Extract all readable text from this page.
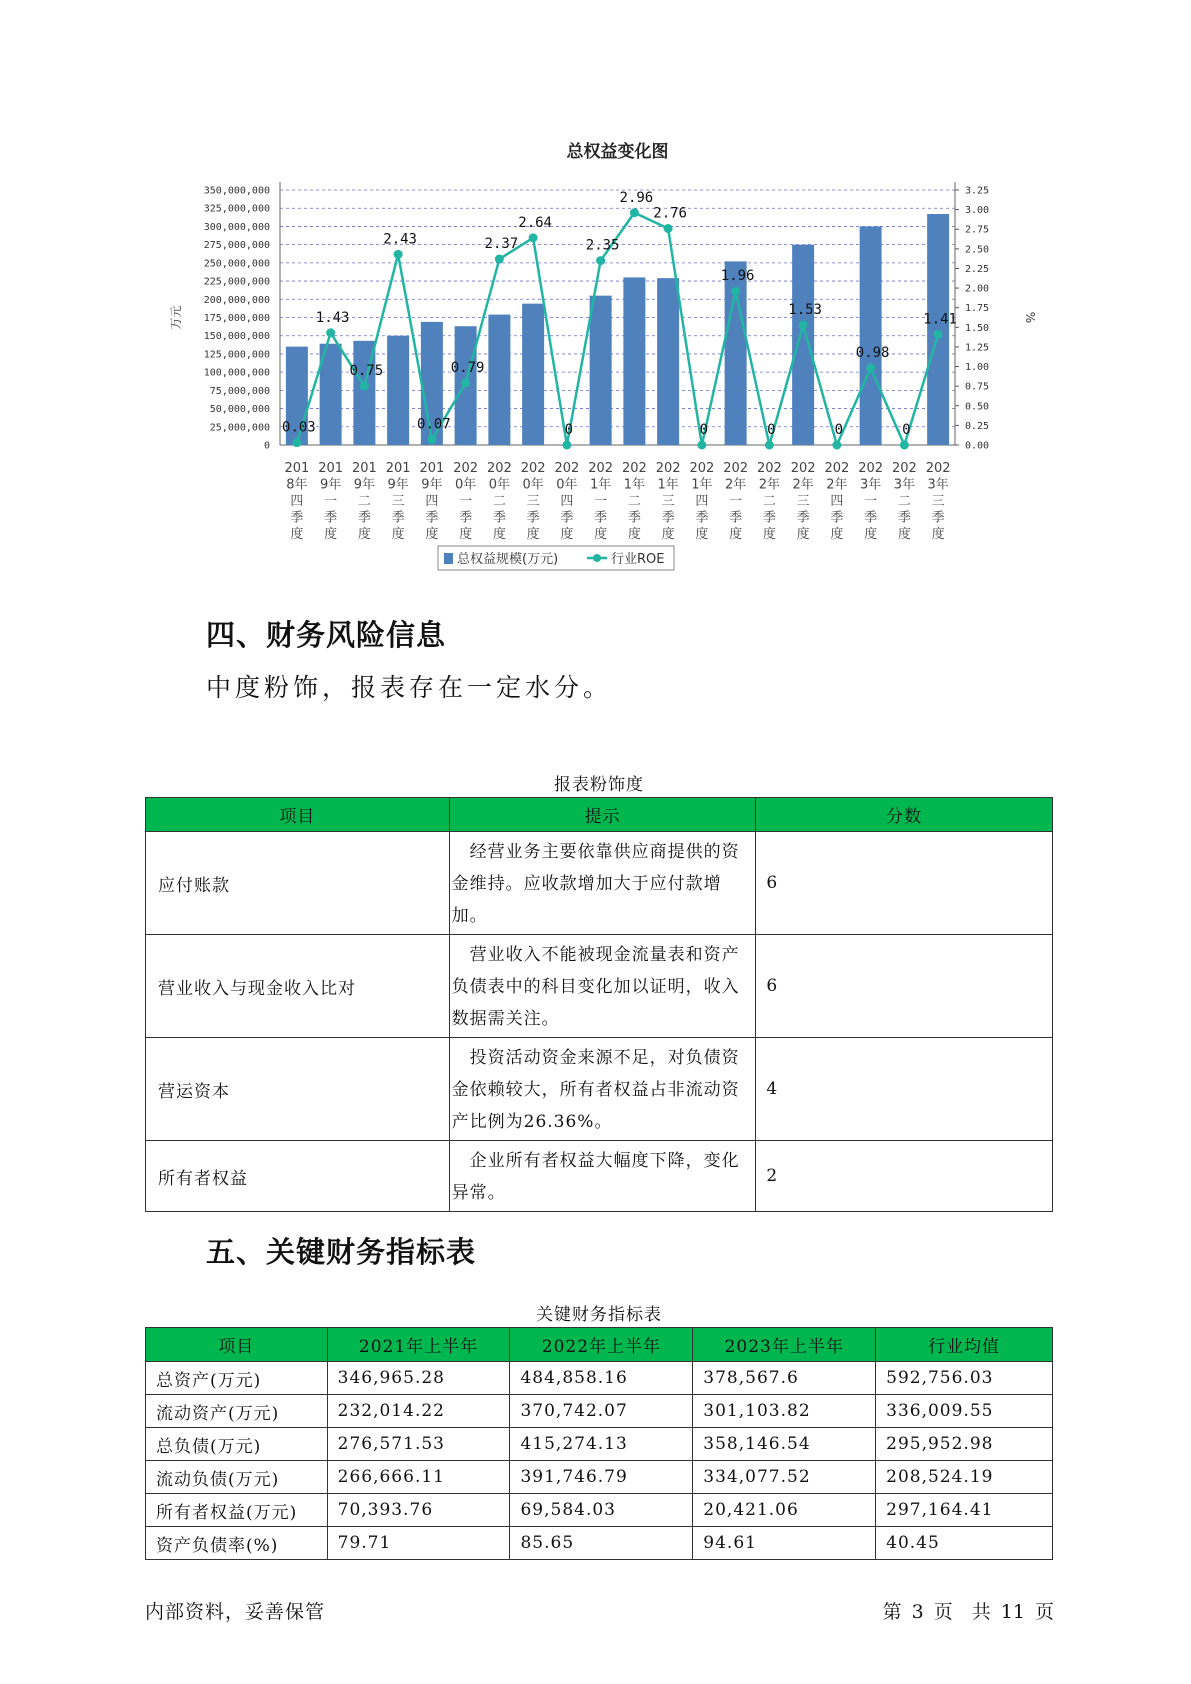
总权益变化图
350,000,000
325,000,000
300,000,000
275,000,000
250,000,000
225,000,000
200,000,000
175,000,000
150,000,000
125,000,000
100,000,000
75,000,000
50,000,000
25,000,000
0
3.25
3.00
2.75
2.50
2.25
2.00
1.75
1.50
1.25
1.00
0.75
0.50
0.25
0.00
万元	%
0.03
1.43
0.75
2.43
0.07
0.79
2.37
2.64
0
2.35
2.96
2.76
0
1.96
0
1.53
0
0.98
0
1.41
201
8年
四
季
度
201
9年
一
季
度
201
9年
二
季
度
201
9年
三
季
度
201
9年
四
季
度
202
0年
一
季
度
202
0年
二
季
度
202
0年
三
季
度
202
0年
四
季
度
202
1年
一
季
度
202
1年
二
季
度
202
1年
三
季
度
202
1年
四
季
度
202
2年
一
季
度
202
2年
二
季
度
202
2年
三
季
度
202
2年
四
季
度
202
3年
一
季
度
202
3年
二
季
度
202
3年
三
季
度
总权益规模(万元)	行业ROE
四、财务风险信息

中度粉饰，报表存在一定水分。

报表粉饰度
项目	提示	分数
应付账款	　经营业务主要依靠供应商提供的资金维持。应收款增加大于应付款增加。	6
营业收入与现金收入比对	　营业收入不能被现金流量表和资产负债表中的科目变化加以证明，收入数据需关注。	6
营运资本	　投资活动资金来源不足，对负债资金依赖较大，所有者权益占非流动资产比例为26.36%。	4
所有者权益	　企业所有者权益大幅度下降，变化异常。	2
五、关键财务指标表
关键财务指标表
项目	2021年上半年	2022年上半年	2023年上半年	行业均值
总资产(万元)	346,965.28	484,858.16	378,567.6	592,756.03
流动资产(万元)	232,014.22	370,742.07	301,103.82	336,009.55
总负债(万元)	276,571.53	415,274.13	358,146.54	295,952.98
流动负债(万元)	266,666.11	391,746.79	334,077.52	208,524.19
所有者权益(万元)	70,393.76	69,584.03	20,421.06	297,164.41
资产负债率(%)	79.71	85.65	94.61	40.45
内部资料，妥善保管	第 3 页　共 11 页
